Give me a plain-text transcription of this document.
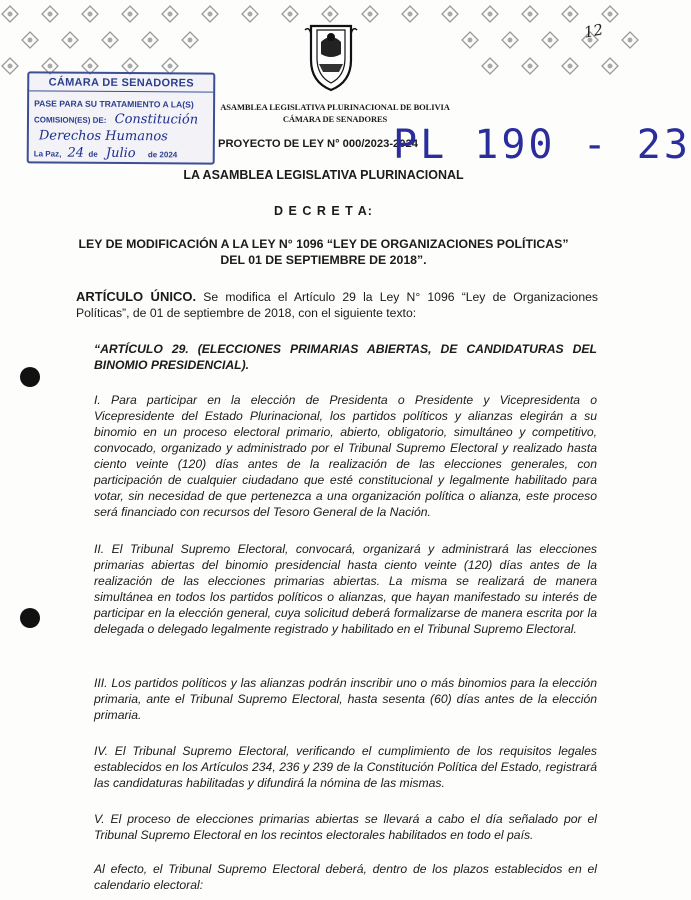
ASAMBLEA LEGISLATIVA PLURINACIONAL DE BOLIVIA
CÁMARA DE SENADORES
12
CÁMARA DE SENADORES
PASE PARA SU TRATAMIENTO A LA(S)
COMISION(ES) DE: Constitución
Derechos Humanos
La Paz, 24 de Julio de 2024
PROYECTO DE LEY N° 000/2023-2024
PL 190 - 23
LA ASAMBLEA LEGISLATIVA PLURINACIONAL
D E C R E T A:
LEY DE MODIFICACIÓN A LA LEY N° 1096 “LEY DE ORGANIZACIONES POLÍTICAS”
DEL 01 DE SEPTIEMBRE DE 2018”.
ARTÍCULO ÚNICO. Se modifica el Artículo 29 la Ley N° 1096 “Ley de Organizaciones Políticas”, de 01 de septiembre de 2018, con el siguiente texto:
“ARTÍCULO 29. (ELECCIONES PRIMARIAS ABIERTAS, DE CANDIDATURAS DEL BINOMIO PRESIDENCIAL).
I. Para participar en la elección de Presidenta o Presidente y Vicepresidenta o Vicepresidente del Estado Plurinacional, los partidos políticos y alianzas elegirán a su binomio en un proceso electoral primario, abierto, obligatorio, simultáneo y competitivo, convocado, organizado y administrado por el Tribunal Supremo Electoral y realizado hasta ciento veinte (120) días antes de la realización de las elecciones generales, con participación de cualquier ciudadano que esté constitucional y legalmente habilitado para votar, sin necesidad de que pertenezca a una organización política o alianza, este proceso será financiado con recursos del Tesoro General de la Nación.
II. El Tribunal Supremo Electoral, convocará, organizará y administrará las elecciones primarias abiertas del binomio presidencial hasta ciento veinte (120) días antes de la realización de las elecciones primarias abiertas. La misma se realizará de manera simultánea en todos los partidos políticos o alianzas, que hayan manifestado su interés de participar en la elección general, cuya solicitud deberá formalizarse de manera escrita por la delegada o delegado legalmente registrado y habilitado en el Tribunal Supremo Electoral.
III. Los partidos políticos y las alianzas podrán inscribir uno o más binomios para la elección primaria, ante el Tribunal Supremo Electoral, hasta sesenta (60) días antes de la elección primaria.
IV. El Tribunal Supremo Electoral, verificando el cumplimiento de los requisitos legales establecidos en los Artículos 234, 236 y 239 de la Constitución Política del Estado, registrará las candidaturas habilitadas y difundirá la nómina de las mismas.
V. El proceso de elecciones primarias abiertas se llevará a cabo el día señalado por el Tribunal Supremo Electoral en los recintos electorales habilitados en todo el país.
Al efecto, el Tribunal Supremo Electoral deberá, dentro de los plazos establecidos en el calendario electoral:
